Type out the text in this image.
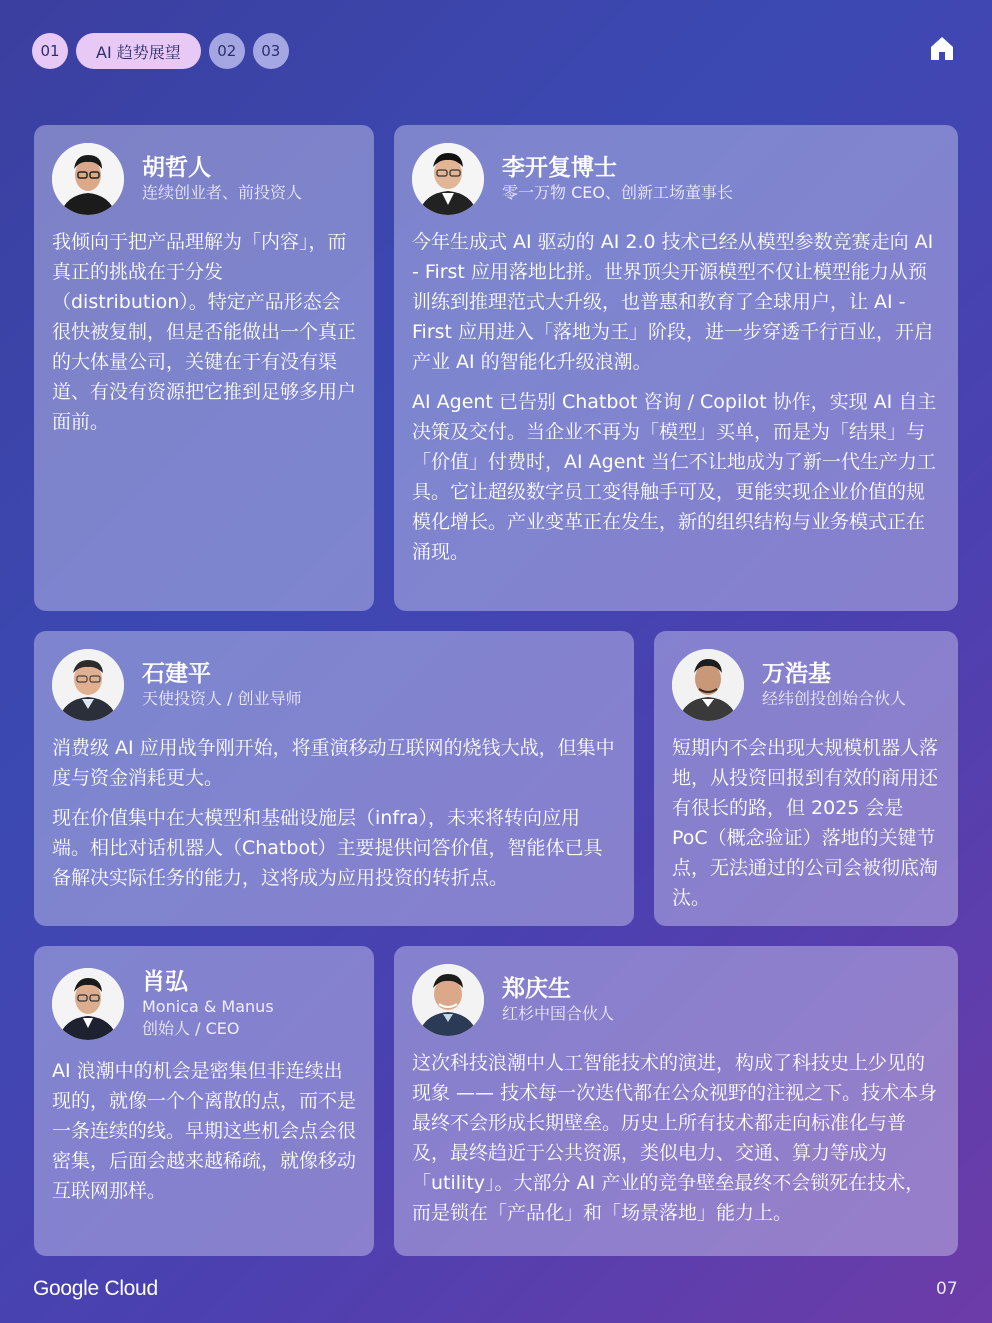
01	AI 趋势展望	02	03
胡哲人
连续创业者、前投资人

我倾向于把产品理解为「内容」，而真正的挑战在于分发（distribution）。特定产品形态会很快被复制，但是否能做出一个真正的大体量公司，关键在于有没有渠道、有没有资源把它推到足够多用户面前。

李开复博士
零一万物 CEO、创新工场董事长

今年生成式 AI 驱动的 AI 2.0 技术已经从模型参数竞赛走向 AI - First 应用落地比拼。世界顶尖开源模型不仅让模型能力从预训练到推理范式大升级，也普惠和教育了全球用户，让 AI - First 应用进入「落地为王」阶段，进一步穿透千行百业，开启产业 AI 的智能化升级浪潮。

AI Agent 已告别 Chatbot 咨询 / Copilot 协作，实现 AI 自主决策及交付。当企业不再为「模型」买单，而是为「结果」与「价值」付费时，AI Agent 当仁不让地成为了新一代生产力工具。它让超级数字员工变得触手可及，更能实现企业价值的规模化增长。产业变革正在发生，新的组织结构与业务模式正在涌现。

石建平
天使投资人 / 创业导师

消费级 AI 应用战争刚开始，将重演移动互联网的烧钱大战，但集中度与资金消耗更大。

现在价值集中在大模型和基础设施层（infra），未来将转向应用端。相比对话机器人（Chatbot）主要提供问答价值，智能体已具备解决实际任务的能力，这将成为应用投资的转折点。

万浩基
经纬创投创始合伙人

短期内不会出现大规模机器人落地，从投资回报到有效的商用还有很长的路，但 2025 会是 PoC（概念验证）落地的关键节点，无法通过的公司会被彻底淘汰。

肖弘
Monica & Manus
创始人 / CEO

AI 浪潮中的机会是密集但非连续出现的，就像一个个离散的点，而不是一条连续的线。早期这些机会点会很密集，后面会越来越稀疏，就像移动互联网那样。

郑庆生
红杉中国合伙人

这次科技浪潮中人工智能技术的演进，构成了科技史上少见的现象 —— 技术每一次迭代都在公众视野的注视之下。技术本身最终不会形成长期壁垒。历史上所有技术都走向标准化与普及，最终趋近于公共资源，类似电力、交通、算力等成为 「utility」。大部分 AI 产业的竞争壁垒最终不会锁死在技术，而是锁在「产品化」和「场景落地」能力上。

Google Cloud	07
